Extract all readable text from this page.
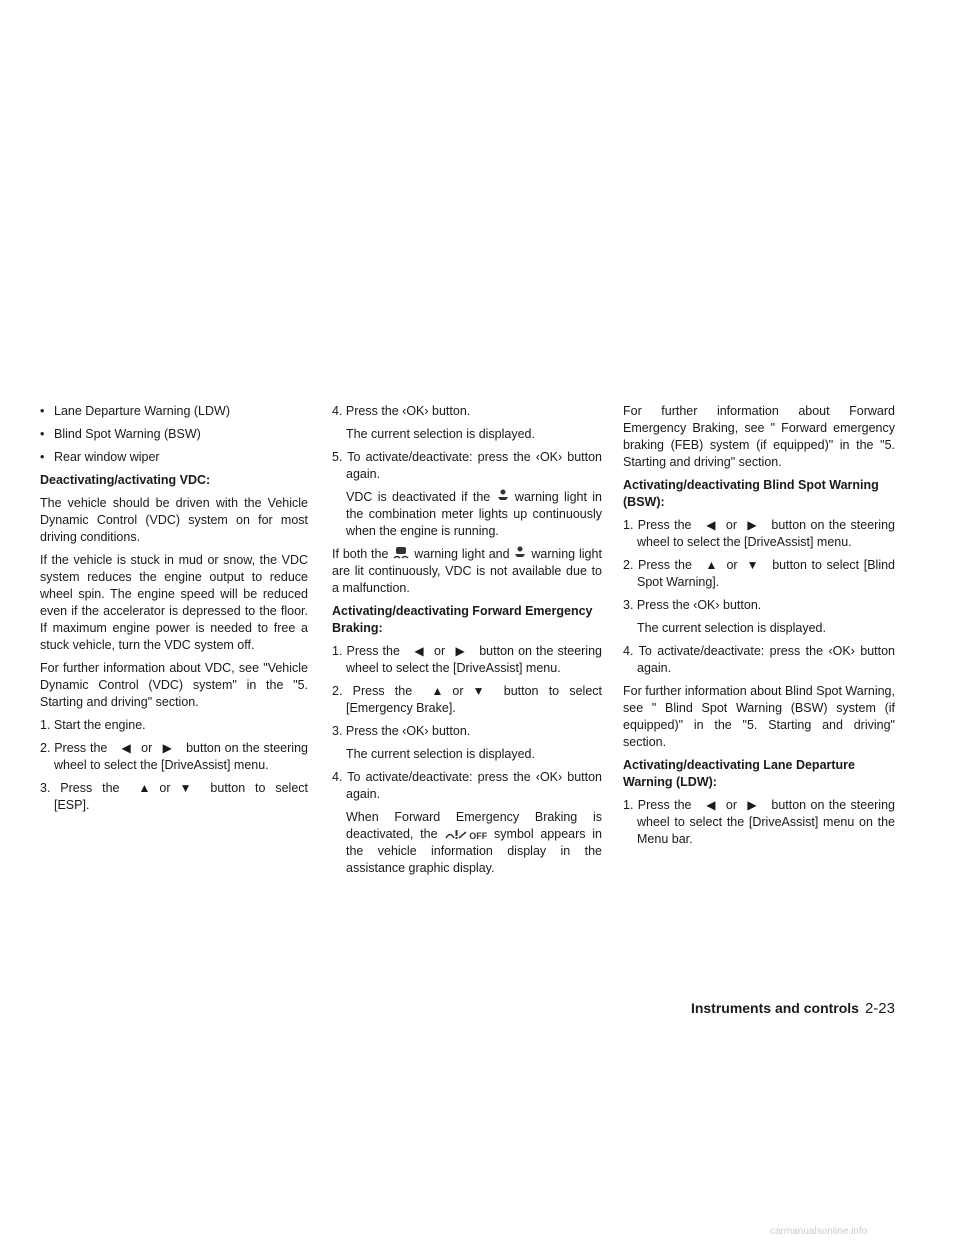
• Lane Departure Warning (LDW)
• Blind Spot Warning (BSW)
• Rear window wiper
Deactivating/activating VDC:
The vehicle should be driven with the Vehicle Dynamic Control (VDC) system on for most driving conditions.
If the vehicle is stuck in mud or snow, the VDC system reduces the engine output to reduce wheel spin. The engine speed will be reduced even if the accelerator is depressed to the floor. If maximum engine power is needed to free a stuck vehicle, turn the VDC system off.
For further information about VDC, see "Vehicle Dynamic Control (VDC) system" in the "5. Starting and driving" section.
1. Start the engine.
2. Press the ◀ or ▶ button on the steering wheel to select the [DriveAssist] menu.
3. Press the ▲ or ▼ button to select [ESP].
4. Press the ‹OK› button.
The current selection is displayed.
5. To activate/deactivate: press the ‹OK› button again.
VDC is deactivated if the warning light in the combination meter lights up continuously when the engine is running.
If both the warning light and warning light are lit continuously, VDC is not available due to a malfunction.
Activating/deactivating Forward Emergency Braking:
1. Press the ◀ or ▶ button on the steering wheel to select the [DriveAssist] menu.
2. Press the ▲ or ▼ button to select [Emergency Brake].
3. Press the ‹OK› button.
The current selection is displayed.
4. To activate/deactivate: press the ‹OK› button again.
When Forward Emergency Braking is deactivated, the	OFF symbol appears in the vehicle information display in the assistance graphic display.
For further information about Forward Emergency Braking, see " Forward emergency braking (FEB) system (if equipped)" in the "5. Starting and driving" section.
Activating/deactivating Blind Spot Warning (BSW):
1. Press the ◀ or ▶ button on the steering wheel to select the [DriveAssist] menu.
2. Press the ▲ or ▼ button to select [Blind Spot Warning].
3. Press the ‹OK› button.
The current selection is displayed.
4. To activate/deactivate: press the ‹OK› button again.
For further information about Blind Spot Warning, see " Blind Spot Warning (BSW) system (if equipped)" in the "5. Starting and driving" section.
Activating/deactivating Lane Departure Warning (LDW):
1. Press the ◀ or ▶ button on the steering wheel to select the [DriveAssist] menu on the Menu bar.
Instruments and controls 2-23
carmanualsonline.info
